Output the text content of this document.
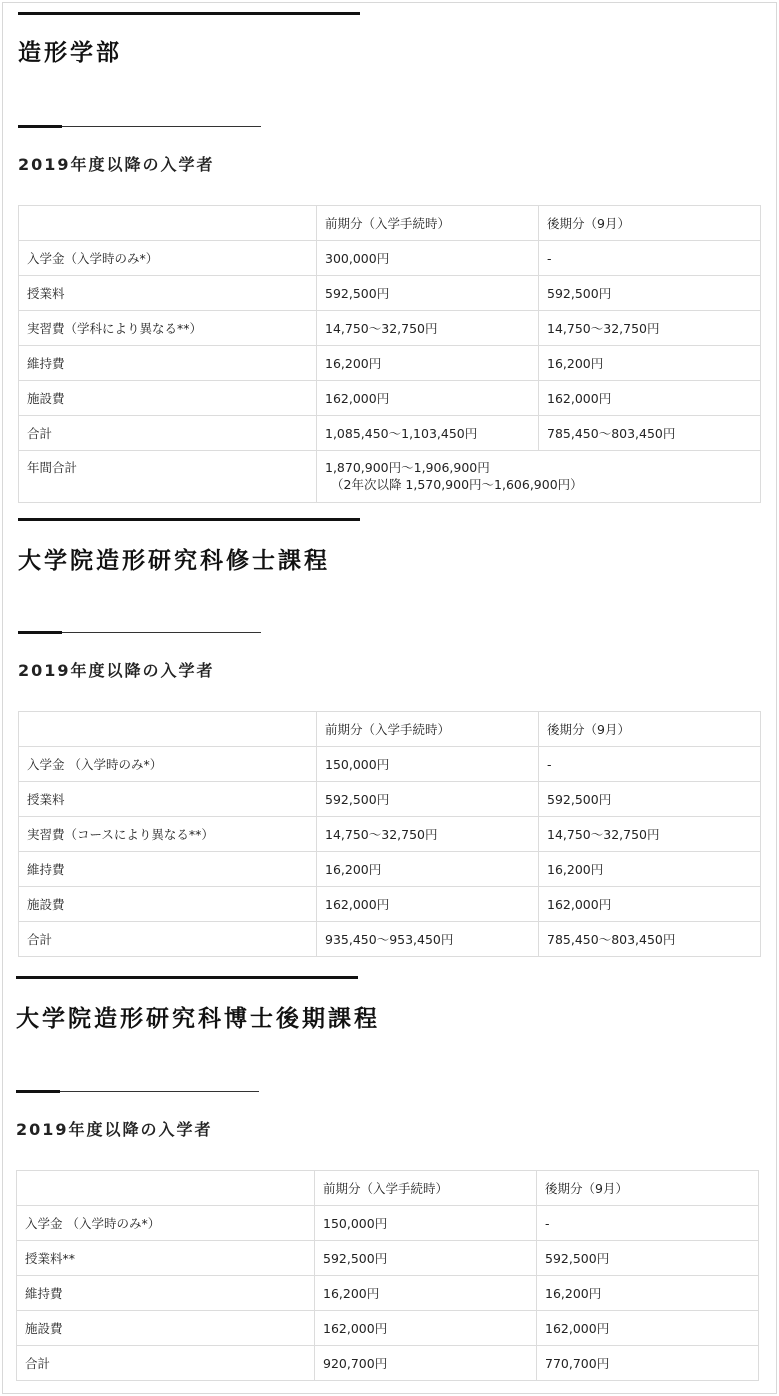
造形学部
2019年度以降の入学者
	前期分（入学手続時）	後期分（9月）
入学金（入学時のみ*）	300,000円	-
授業料	592,500円	592,500円
実習費（学科により異なる**）	14,750～32,750円	14,750～32,750円
維持費	16,200円	16,200円
施設費	162,000円	162,000円
合計	1,085,450～1,103,450円	785,450～803,450円
年間合計	1,870,900円～1,906,900円
（2年次以降 1,570,900円～1,606,900円）	
大学院造形研究科修士課程
2019年度以降の入学者
	前期分（入学手続時）	後期分（9月）
入学金 （入学時のみ*）	150,000円	-
授業料	592,500円	592,500円
実習費（コースにより異なる**）	14,750～32,750円	14,750～32,750円
維持費	16,200円	16,200円
施設費	162,000円	162,000円
合計	935,450～953,450円	785,450～803,450円
大学院造形研究科博士後期課程
2019年度以降の入学者
	前期分（入学手続時）	後期分（9月）
入学金 （入学時のみ*）	150,000円	-
授業料**	592,500円	592,500円
維持費	16,200円	16,200円
施設費	162,000円	162,000円
合計	920,700円	770,700円
